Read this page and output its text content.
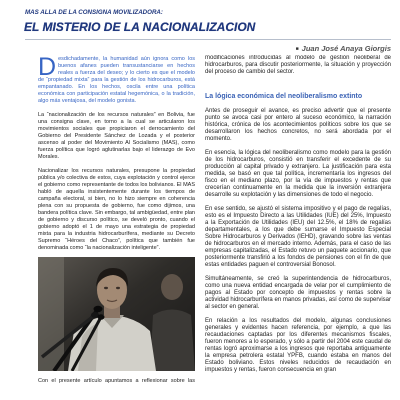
MAS ALLA DE LA CONSIGNA MOVILIZADORA:
EL MISTERIO DE LA NACIONALIZACION
■ Juan José Anaya Giorgis

Desdichadamente, la humanidad aún ignora como los buenos afanes pueden transustanciarse en hechos reales a fuerza del deseo; y lo cierto es que el modelo de “propiedad mixta” para la gestión de los hidrocarburos, está empantanado. En los hechos, oscila entre una política económica con participación estatal hegemónica, o la tradición, algo más ventajosa, del modelo gonista.

La “nacionalización de los recursos naturales” en Bolivia, fue una consigna clave, en torno a la cual se articularon los movimientos sociales que propiciaron el derrocamiento del Gobierno del Presidente Sánchez de Lozada y el posterior ascenso al poder del Movimiento Al Socialismo (MAS), como fuerza política que logró aglutinarlas bajo el liderazgo de Evo Morales.

Nacionalizar los recursos naturales, presupone la propiedad pública y/o colectiva de estos, cuya explotación y control ejerce el gobierno como representante de todos los bolivianos. El MAS habló de aquella insistentemente durante los tiempos de campaña electoral, si bien, no lo hizo siempre en coherencia plena con su propuesta de gobierno, fue como dijimos, una bandera política clave. Sin embargo, tal ambigüedad, entre plan de gobierno y discurso político, se develó pronto, cuando el gobierno adoptó el 1 de mayo una estrategia de propiedad mixta para la industria hidrocarburífera, mediante su Decreto Supremo “Héroes del Chaco”, política que también fue denominada como “la nacionalización inteligente”.

Con el presente artículo apuntamos a reflexionar sobre las

modificaciones introducidas al modelo de gestión neoliberal de hidrocarburos, para discutir posteriormente, la situación y proyección del proceso de cambio del sector.

La lógica económica del neoliberalismo extinto

Antes de proseguir el avance, es preciso advertir que el presente punto se avoca casi por entero al suceso económico, la narración histórica, crónica de los acontecimientos políticos sobre los que se desarrollaron los hechos concretos, no será abordada por el momento.

En esencia, la lógica del neoliberalismo como modelo para la gestión de los hidrocarburos, consistió en transferir el excedente de su producción al capital privado y extranjero. La justificación para esta medida, se basó en que tal política, incrementaría los ingresos del fisco en el mediano plazo, por la vía de impuestos y rentas que crecerían continuamente en la medida que la inversión extranjera desarrolle su explotación y las dimensiones de todo el negocio.

En ese sentido, se ajustó el sistema impositivo y el pago de regalías, esto es el Impuesto Directo a las Utilidades (IUE) del 25%, Impuesto a la Exportación de Utilidades (IEU) del 12.5%, el 18% de regalías departamentales, a los que debe sumarse el Impuesto Especial Sobre Hidrocarburos y Derivados (IEHD), gravando sobre las ventas de hidrocarburos en el mercado interno. Además, para el caso de las empresas capitalizadas, el Estado retuvo un paquete accionario, que posteriormente transfirió a los fondos de pensiones con el fin de que estas entidades paguen el controversial Bonosol.

Simultáneamente, se creó la superintendencia de hidrocarburos, como una nueva entidad encargada de velar por el cumplimiento de pagos al Estado por concepto de impuestos y rentas sobre la actividad hidrocarburífera en manos privadas, así como de supervisar al sector en general.

En relación a los resultados del modelo, algunas conclusiones generales y evidentes hacen referencia, por ejemplo, a que las recaudaciones captadas por los diferentes mecanismos fiscales, fueron menores a lo esperado, y sólo a partir del 2004 este caudal de rentas logró aproximarse a los ingresos que reportaba antiguamente la empresa petrolera estatal YPFB, cuando estaba en manos del Estado boliviano. Estos niveles reducidos de recaudación en impuestos y rentas, fueron consecuencia en gran
